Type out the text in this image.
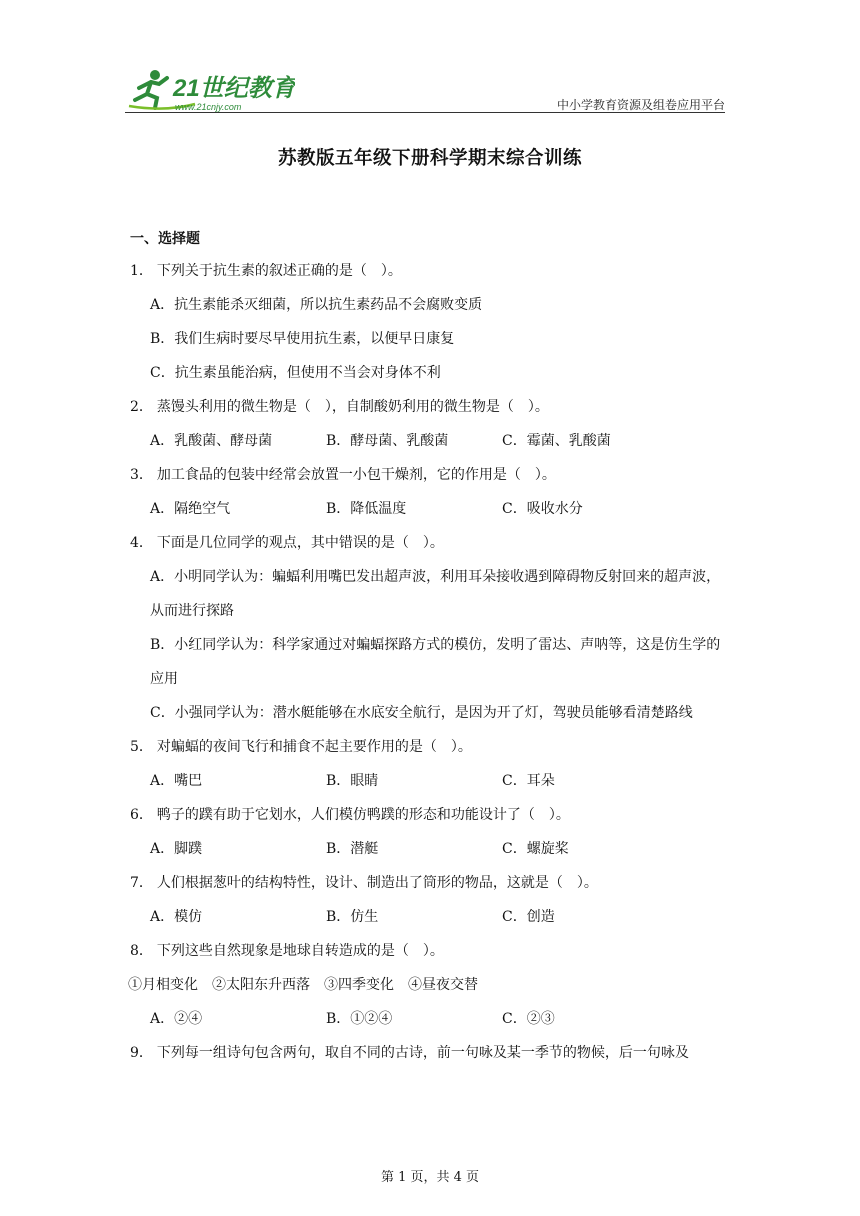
21世纪教育
www.21cnjy.com	中小学教育资源及组卷应用平台
苏教版五年级下册科学期末综合训练
一、选择题
1． 下列关于抗生素的叙述正确的是（　）。
A．抗生素能杀灭细菌，所以抗生素药品不会腐败变质
B．我们生病时要尽早使用抗生素，以便早日康复
C．抗生素虽能治病，但使用不当会对身体不利
2． 蒸馒头利用的微生物是（　），自制酸奶利用的微生物是（　）。
A．乳酸菌、酵母菌	B．酵母菌、乳酸菌	C．霉菌、乳酸菌
3． 加工食品的包装中经常会放置一小包干燥剂，它的作用是（　）。
A．隔绝空气	B．降低温度	C．吸收水分
4． 下面是几位同学的观点，其中错误的是（　）。
A．小明同学认为：蝙蝠利用嘴巴发出超声波，利用耳朵接收遇到障碍物反射回来的超声波，从而进行探路
B．小红同学认为：科学家通过对蝙蝠探路方式的模仿，发明了雷达、声呐等，这是仿生学的应用
C．小强同学认为：潜水艇能够在水底安全航行，是因为开了灯，驾驶员能够看清楚路线
5． 对蝙蝠的夜间飞行和捕食不起主要作用的是（　）。
A．嘴巴	B．眼睛	C．耳朵
6． 鸭子的蹼有助于它划水，人们模仿鸭蹼的形态和功能设计了（　）。
A．脚蹼	B．潜艇	C．螺旋桨
7． 人们根据葱叶的结构特性，设计、制造出了筒形的物品，这就是（　）。
A．模仿	B．仿生	C．创造
8． 下列这些自然现象是地球自转造成的是（　）。
①月相变化　②太阳东升西落　③四季变化　④昼夜交替
A．②④	B．①②④	C．②③
9． 下列每一组诗句包含两句，取自不同的古诗，前一句咏及某一季节的物候，后一句咏及
第 1 页，共 4 页
